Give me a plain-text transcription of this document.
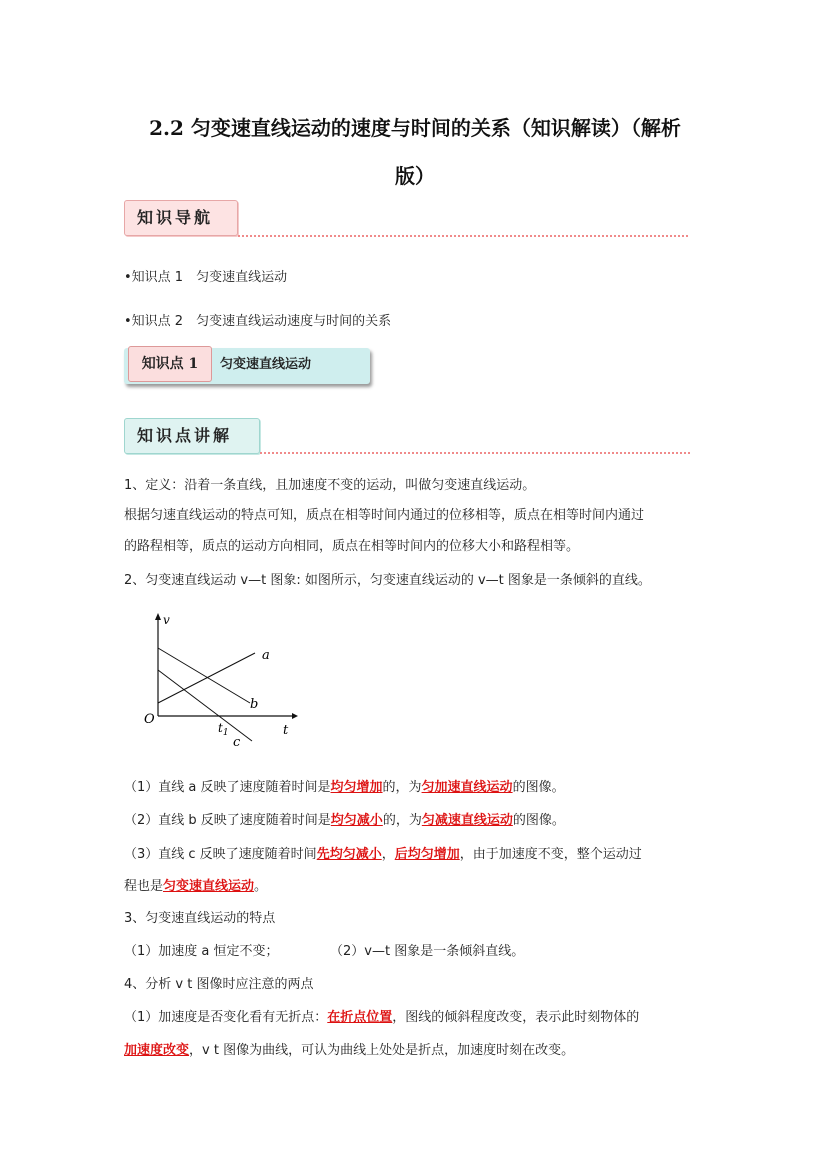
2.2 匀变速直线运动的速度与时间的关系（知识解读）（解析
版）
知识导航
•知识点 1　匀变速直线运动
•知识点 2　匀变速直线运动速度与时间的关系
知识点 1	匀变速直线运动
知识点讲解
1、定义：沿着一条直线，且加速度不变的运动，叫做匀变速直线运动。
根据匀速直线运动的特点可知，质点在相等时间内通过的位移相等，质点在相等时间内通过
的路程相等，质点的运动方向相同，质点在相等时间内的位移大小和路程相等。
2、匀变速直线运动 v—t 图象: 如图所示，匀变速直线运动的 v—t 图象是一条倾斜的直线。
v
t
O
$t_1$
a
b
c
（1）直线 a 反映了速度随着时间是均匀增加的，为匀加速直线运动的图像。
（2）直线 b 反映了速度随着时间是均匀减小的，为匀减速直线运动的图像。
（3）直线 c 反映了速度随着时间先均匀减小，后均匀增加，由于加速度不变，整个运动过
程也是匀变速直线运动。
3、匀变速直线运动的特点
（1）加速度 a 恒定不变；	（2）v—t 图象是一条倾斜直线。
4、分析 v t 图像时应注意的两点
（1）加速度是否变化看有无折点：在折点位置，图线的倾斜程度改变，表示此时刻物体的
加速度改变，v t 图像为曲线，可认为曲线上处处是折点，加速度时刻在改变。
